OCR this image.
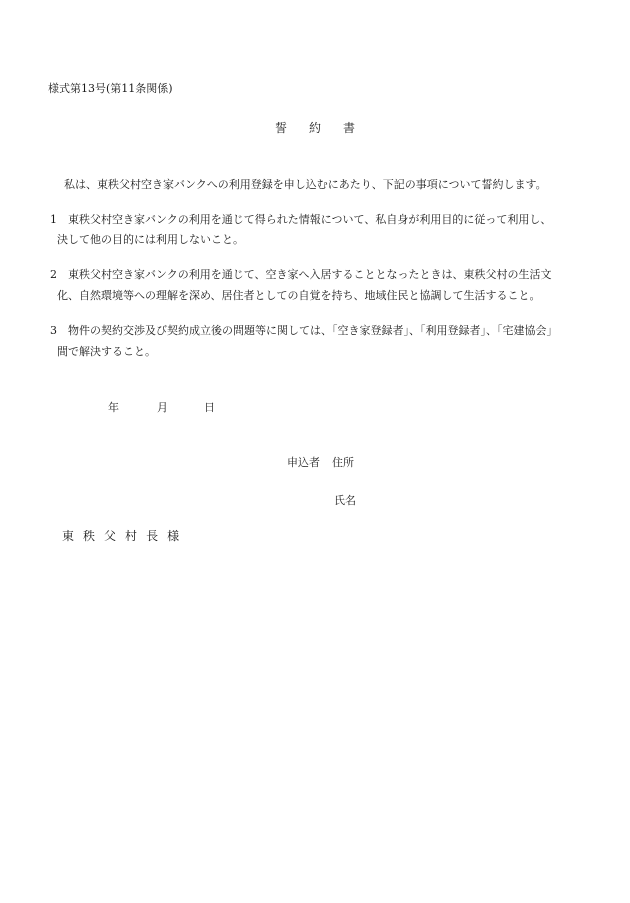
様式第13号(第11条関係)
誓 約 書
私は、東秩父村空き家バンクへの利用登録を申し込むにあたり、下記の事項について誓約します。
1 東秩父村空き家バンクの利用を通じて得られた情報について、私自身が利用目的に従って利用し、
決して他の目的には利用しないこと。
2 東秩父村空き家バンクの利用を通じて、空き家へ入居することとなったときは、東秩父村の生活文
化、自然環境等への理解を深め、居住者としての自覚を持ち、地域住民と協調して生活すること。
3 物件の契約交渉及び契約成立後の問題等に関しては、「空き家登録者」、「利用登録者」、「宅建協会」
間で解決すること。
年	月	日
申込者 住所
氏名
東 秩 父 村 長 様
